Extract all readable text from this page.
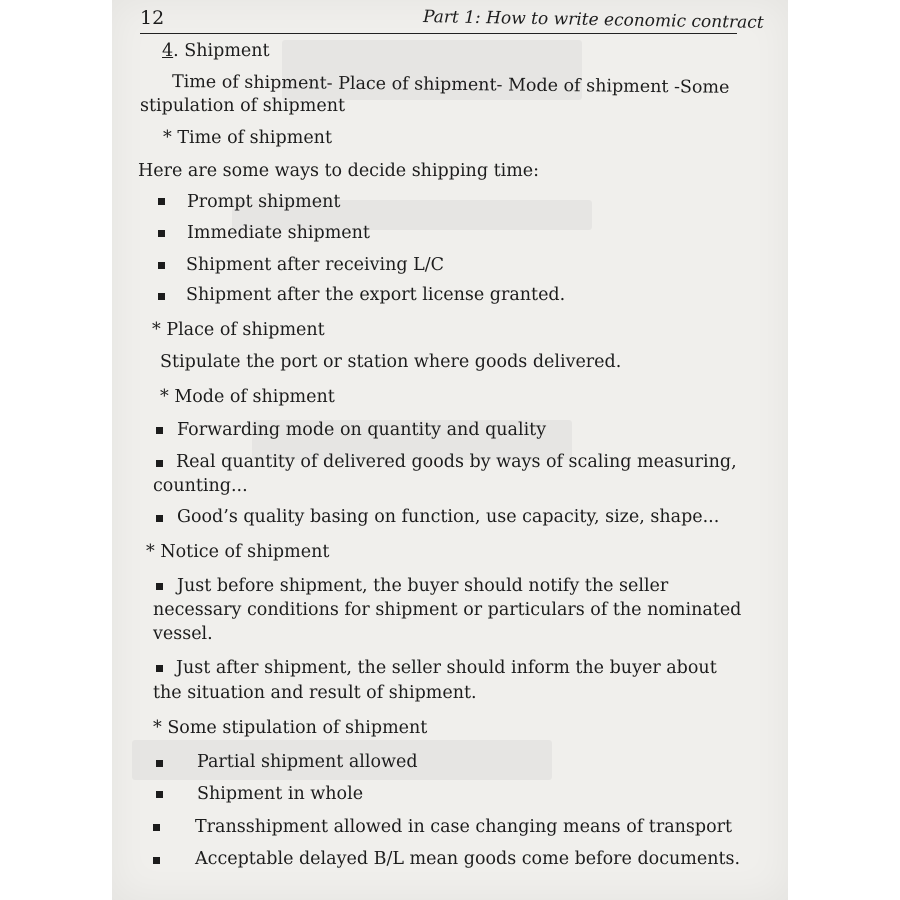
12	Part 1: How to write economic contract
4. Shipment
Time of shipment- Place of shipment- Mode of shipment -Some
stipulation of shipment
* Time of shipment
Here are some ways to decide shipping time:
Prompt shipment
Immediate shipment
Shipment after receiving L/C
Shipment after the export license granted.
* Place of shipment
Stipulate the port or station where goods delivered.
* Mode of shipment
Forwarding mode on quantity and quality
Real quantity of delivered goods by ways of scaling measuring,
counting...
Good’s quality basing on function, use capacity, size, shape...
* Notice of shipment
Just before shipment, the buyer should notify the seller
necessary conditions for shipment or particulars of the nominated
vessel.
Just after shipment, the seller should inform the buyer about
the situation and result of shipment.
* Some stipulation of shipment
Partial shipment allowed
Shipment in whole
Transshipment allowed in case changing means of transport
Acceptable delayed B/L mean goods come before documents.
